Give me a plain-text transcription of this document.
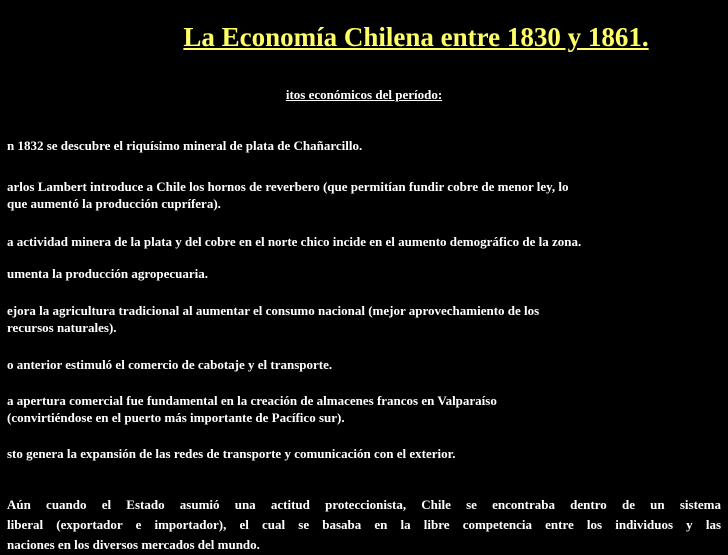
La Economía Chilena entre 1830 y 1861.
itos económicos del período:

n 1832 se descubre el riquísimo mineral de plata de Chañarcillo.

arlos Lambert introduce a Chile los hornos de reverbero (que permitían fundir cobre de menor ley, lo
que aumentó la producción cuprífera).

a actividad minera de la plata y del cobre en el norte chico incide en el aumento demográfico de la zona.

umenta la producción agropecuaria.

ejora la agricultura tradicional al aumentar el consumo nacional (mejor aprovechamiento de los
recursos naturales).

o anterior estimuló el comercio de cabotaje y el transporte.

a apertura comercial fue fundamental en la creación de almacenes francos en Valparaíso
(convirtiéndose en el puerto más importante de Pacífico sur).

sto genera la expansión de las redes de transporte y comunicación con el exterior.

Aún cuando el Estado asumió una actitud proteccionista, Chile se encontraba dentro de un sistema
liberal (exportador e importador), el cual se basaba en la libre competencia entre los individuos y las
naciones en los diversos mercados del mundo.
